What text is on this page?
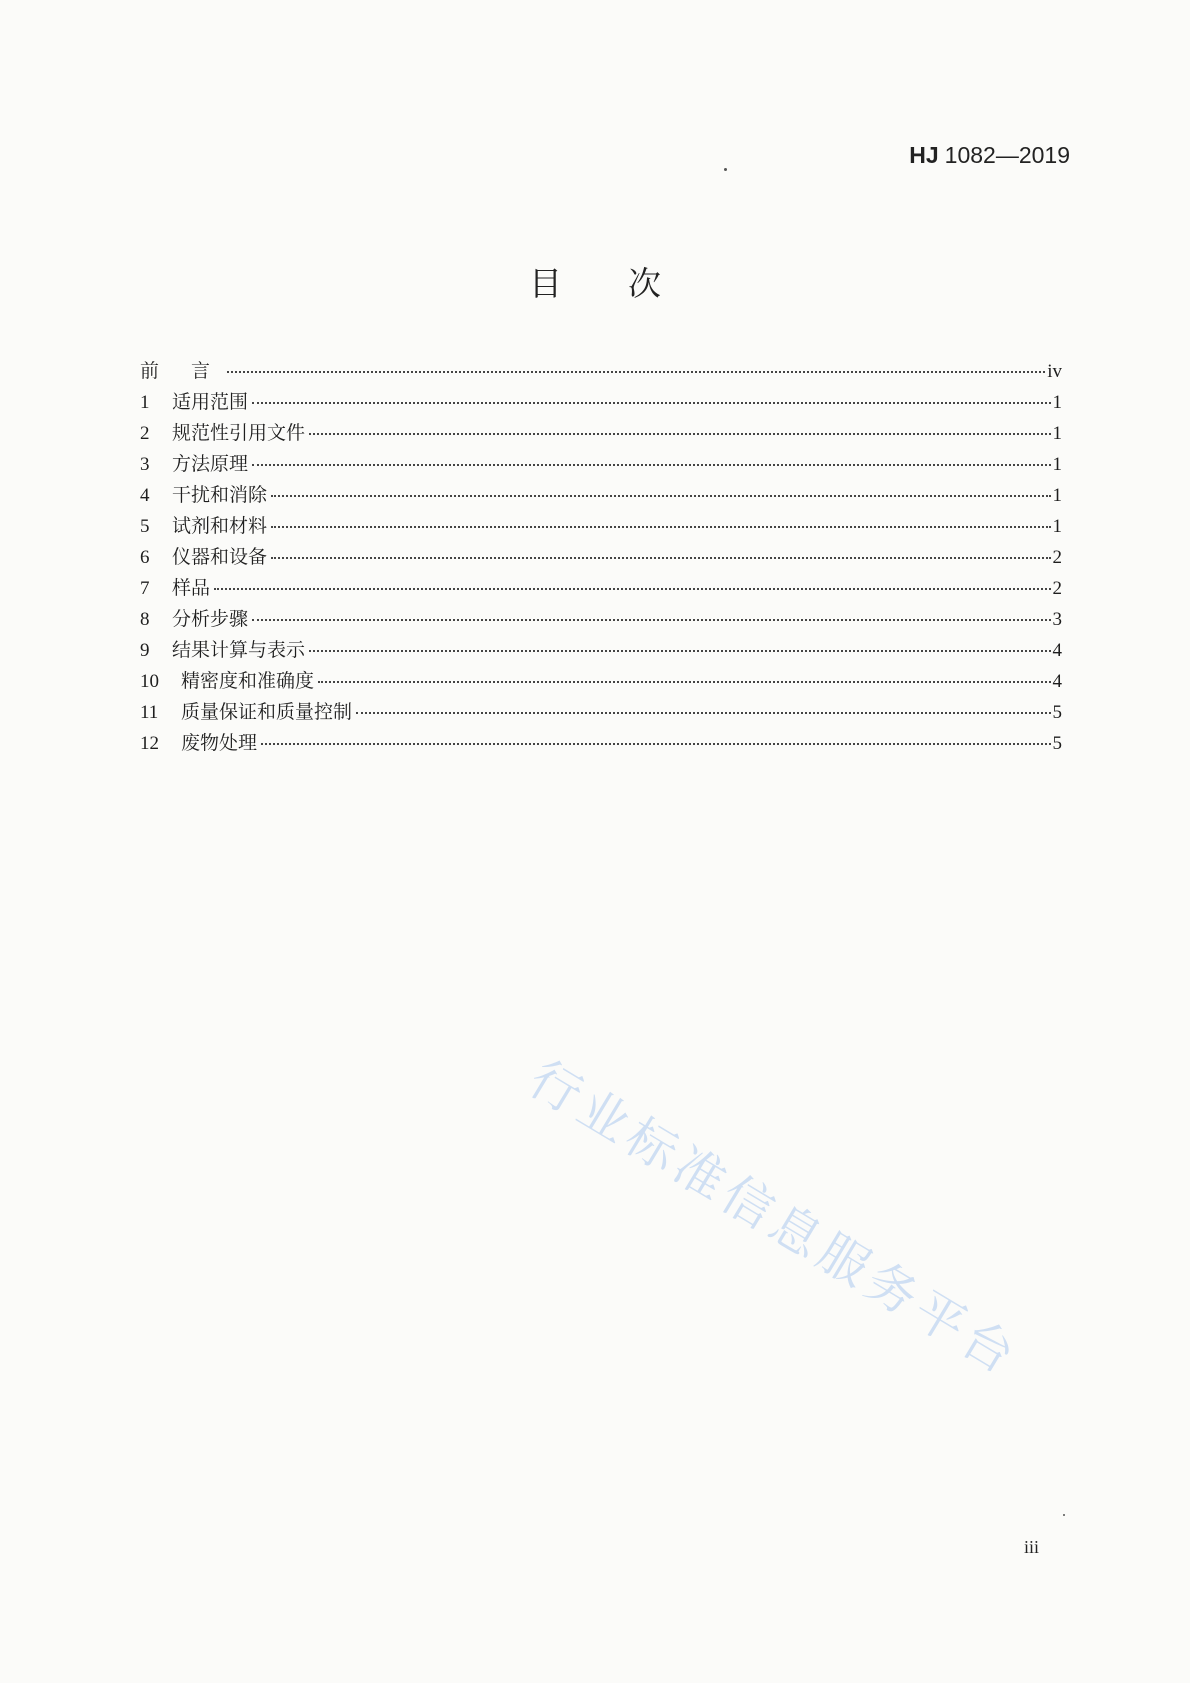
HJ 1082—2019
目 次
前 言	iv
1	适用范围	1
2	规范性引用文件	1
3	方法原理	1
4	干扰和消除	1
5	试剂和材料	1
6	仪器和设备	2
7	样品	2
8	分析步骤	3
9	结果计算与表示	4
10	精密度和准确度	4
11	质量保证和质量控制	5
12	废物处理	5
行业标准信息服务平台
iii
